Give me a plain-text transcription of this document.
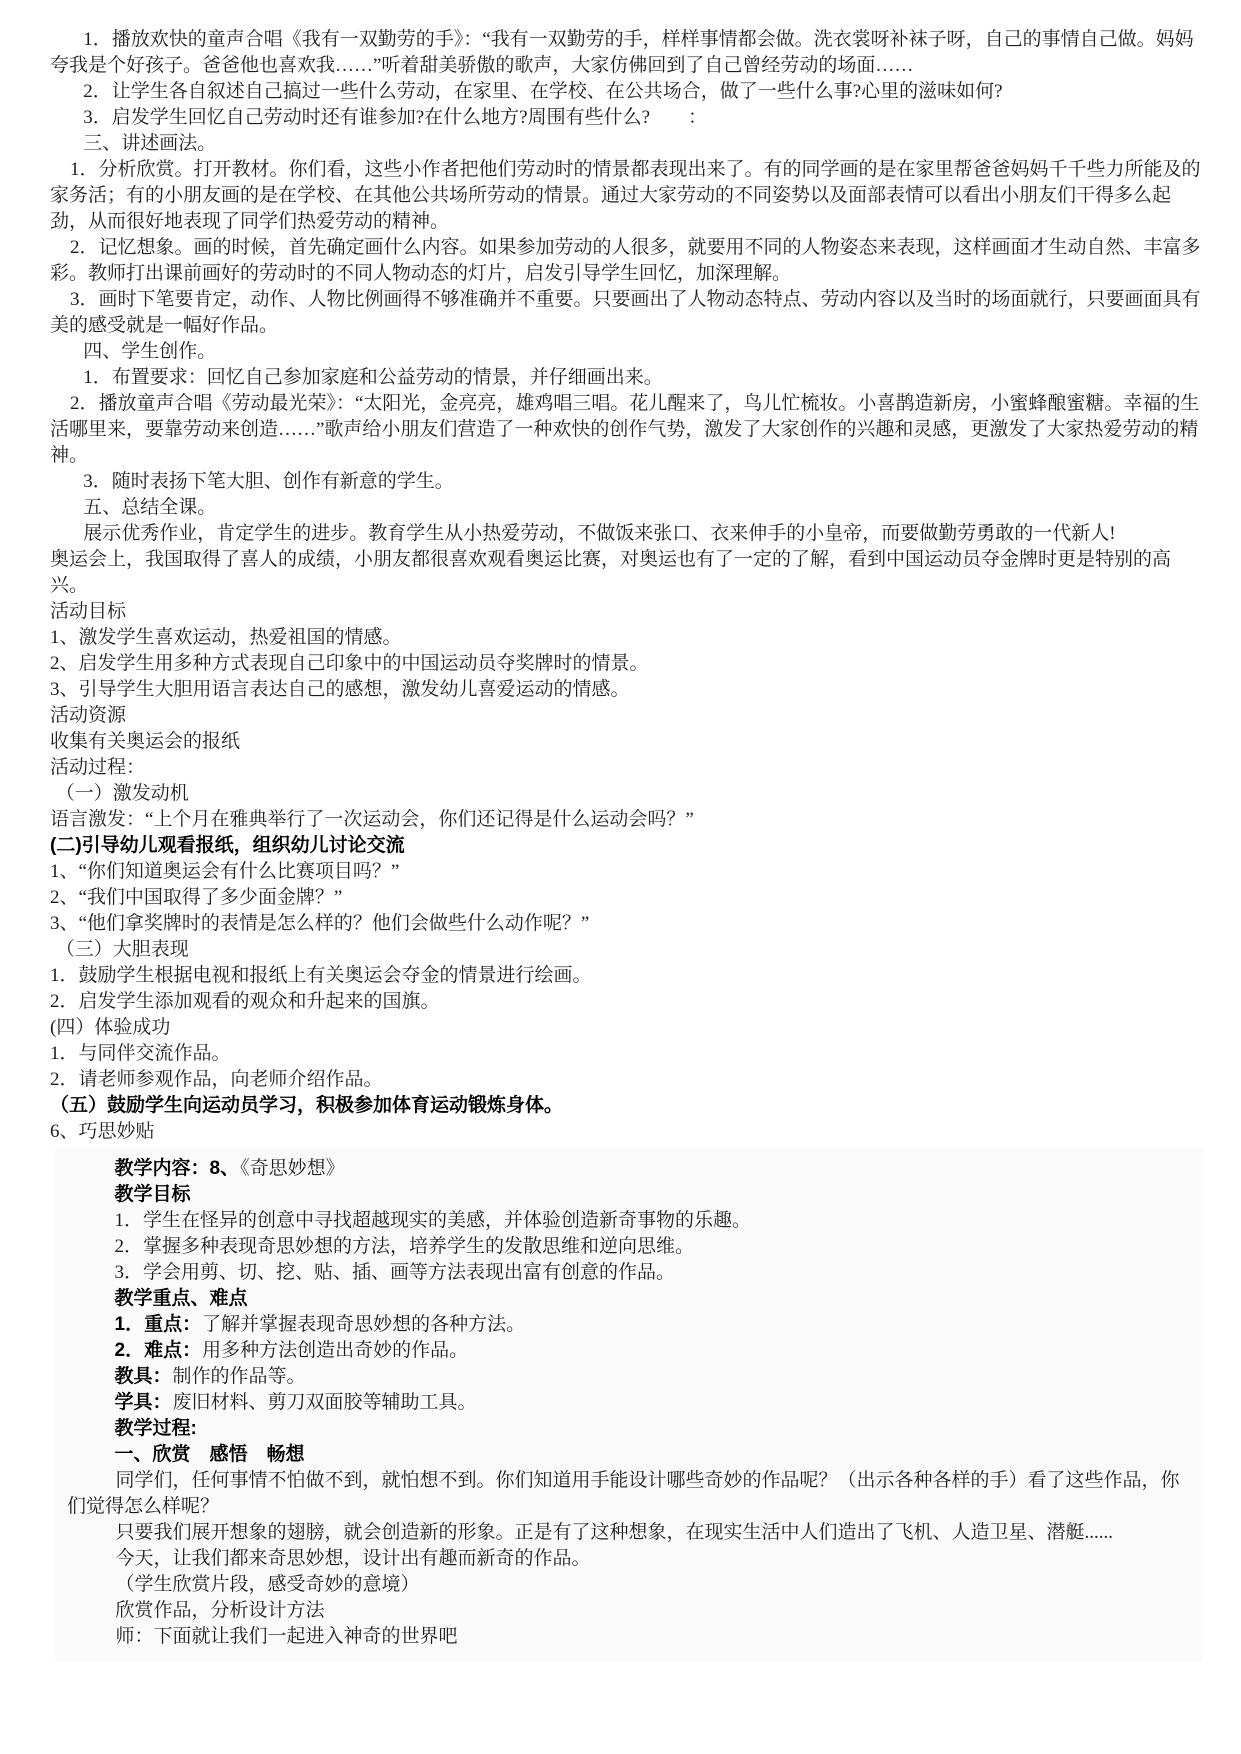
1．播放欢快的童声合唱《我有一双勤劳的手》：“我有一双勤劳的手，样样事情都会做。洗衣裳呀补袜子呀，自己的事情自己做。妈妈夸我是个好孩子。爸爸他也喜欢我……”听着甜美骄傲的歌声，大家仿佛回到了自己曾经劳动的场面……

2．让学生各自叙述自己搞过一些什么劳动，在家里、在学校、在公共场合，做了一些什么事?心里的滋味如何?

3．启发学生回忆自己劳动时还有谁参加?在什么地方?周围有些什么?　　：

三、讲述画法。

1．分析欣赏。打开教材。你们看，这些小作者把他们劳动时的情景都表现出来了。有的同学画的是在家里帮爸爸妈妈千千些力所能及的家务活；有的小朋友画的是在学校、在其他公共场所劳动的情景。通过大家劳动的不同姿势以及面部表情可以看出小朋友们干得多么起劲，从而很好地表现了同学们热爱劳动的精神。

2．记忆想象。画的时候，首先确定画什么内容。如果参加劳动的人很多，就要用不同的人物姿态来表现，这样画面才生动自然、丰富多彩。教师打出课前画好的劳动时的不同人物动态的灯片，启发引导学生回忆，加深理解。

3．画时下笔要肯定，动作、人物比例画得不够准确并不重要。只要画出了人物动态特点、劳动内容以及当时的场面就行，只要画面具有美的感受就是一幅好作品。

四、学生创作。

1．布置要求：回忆自己参加家庭和公益劳动的情景，并仔细画出来。

2．播放童声合唱《劳动最光荣》：“太阳光，金亮亮，雄鸡唱三唱。花儿醒来了，鸟儿忙梳妆。小喜鹊造新房，小蜜蜂酿蜜糖。幸福的生活哪里来，要靠劳动来创造……”歌声给小朋友们营造了一种欢快的创作气势，激发了大家创作的兴趣和灵感，更激发了大家热爱劳动的精神。

3．随时表扬下笔大胆、创作有新意的学生。

五、总结全课。

展示优秀作业，肯定学生的进步。教育学生从小热爱劳动，不做饭来张口、衣来伸手的小皇帝，而要做勤劳勇敢的一代新人!

奥运会上，我国取得了喜人的成绩，小朋友都很喜欢观看奥运比赛，对奥运也有了一定的了解，看到中国运动员夺金牌时更是特别的高兴。

活动目标

1、激发学生喜欢运动，热爱祖国的情感。

2、启发学生用多种方式表现自己印象中的中国运动员夺奖牌时的情景。

3、引导学生大胆用语言表达自己的感想，激发幼儿喜爱运动的情感。

活动资源

收集有关奥运会的报纸

活动过程：

（一）激发动机

语言激发：“上个月在雅典举行了一次运动会，你们还记得是什么运动会吗？”

(二)引导幼儿观看报纸，组织幼儿讨论交流

1、“你们知道奥运会有什么比赛项目吗？”

2、“我们中国取得了多少面金牌？”

3、“他们拿奖牌时的表情是怎么样的？他们会做些什么动作呢？”

（三）大胆表现

1．鼓励学生根据电视和报纸上有关奥运会夺金的情景进行绘画。

2．启发学生添加观看的观众和升起来的国旗。

(四）体验成功

1．与同伴交流作品。

2．请老师参观作品，向老师介绍作品。

（五）鼓励学生向运动员学习，积极参加体育运动锻炼身体。

6、巧思妙贴

教学内容：8、《奇思妙想》

教学目标

1．学生在怪异的创意中寻找超越现实的美感，并体验创造新奇事物的乐趣。

2．掌握多种表现奇思妙想的方法，培养学生的发散思维和逆向思维。

3．学会用剪、切、挖、贴、插、画等方法表现出富有创意的作品。

教学重点、难点

1．重点：了解并掌握表现奇思妙想的各种方法。

2．难点：用多种方法创造出奇妙的作品。

教具：制作的作品等。

学具：废旧材料、剪刀双面胶等辅助工具。

教学过程:

一、欣赏　感悟　畅想

同学们，任何事情不怕做不到，就怕想不到。你们知道用手能设计哪些奇妙的作品呢？（出示各种各样的手）看了这些作品，你们觉得怎么样呢？

只要我们展开想象的翅膀，就会创造新的形象。正是有了这种想象，在现实生活中人们造出了飞机、人造卫星、潜艇......

今天，让我们都来奇思妙想，设计出有趣而新奇的作品。

（学生欣赏片段，感受奇妙的意境）

欣赏作品，分析设计方法

师：下面就让我们一起进入神奇的世界吧
